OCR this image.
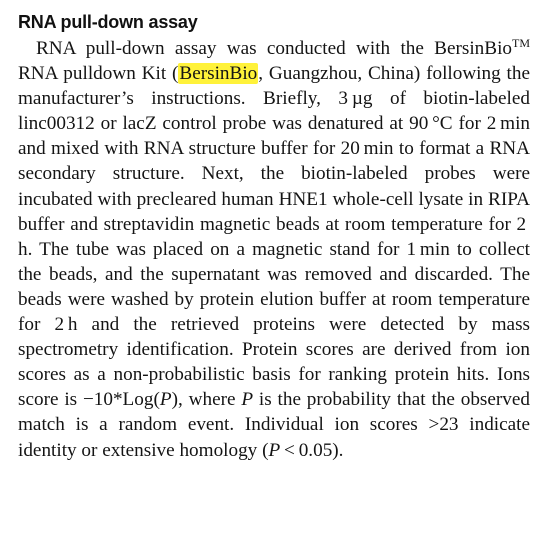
RNA pull-down assay

RNA pull-down assay was conducted with the BersinBio™ RNA pulldown Kit (BersinBio, Guangzhou, China) following the manufacturer’s instructions. Briefly, 3 µg of biotin-labeled linc00312 or lacZ control probe was denatured at 90 °C for 2 min and mixed with RNA structure buffer for 20 min to format a RNA secondary structure. Next, the biotin-labeled probes were incubated with precleared human HNE1 whole-cell lysate in RIPA buffer and streptavidin magnetic beads at room temperature for 2 h. The tube was placed on a magnetic stand for 1 min to collect the beads, and the supernatant was removed and discarded. The beads were washed by protein elution buffer at room temperature for 2 h and the retrieved proteins were detected by mass spectrometry identification. Protein scores are derived from ion scores as a non-probabilistic basis for ranking protein hits. Ions score is −10*Log(P), where P is the probability that the observed match is a random event. Individual ion scores >23 indicate identity or extensive homology (P < 0.05).
